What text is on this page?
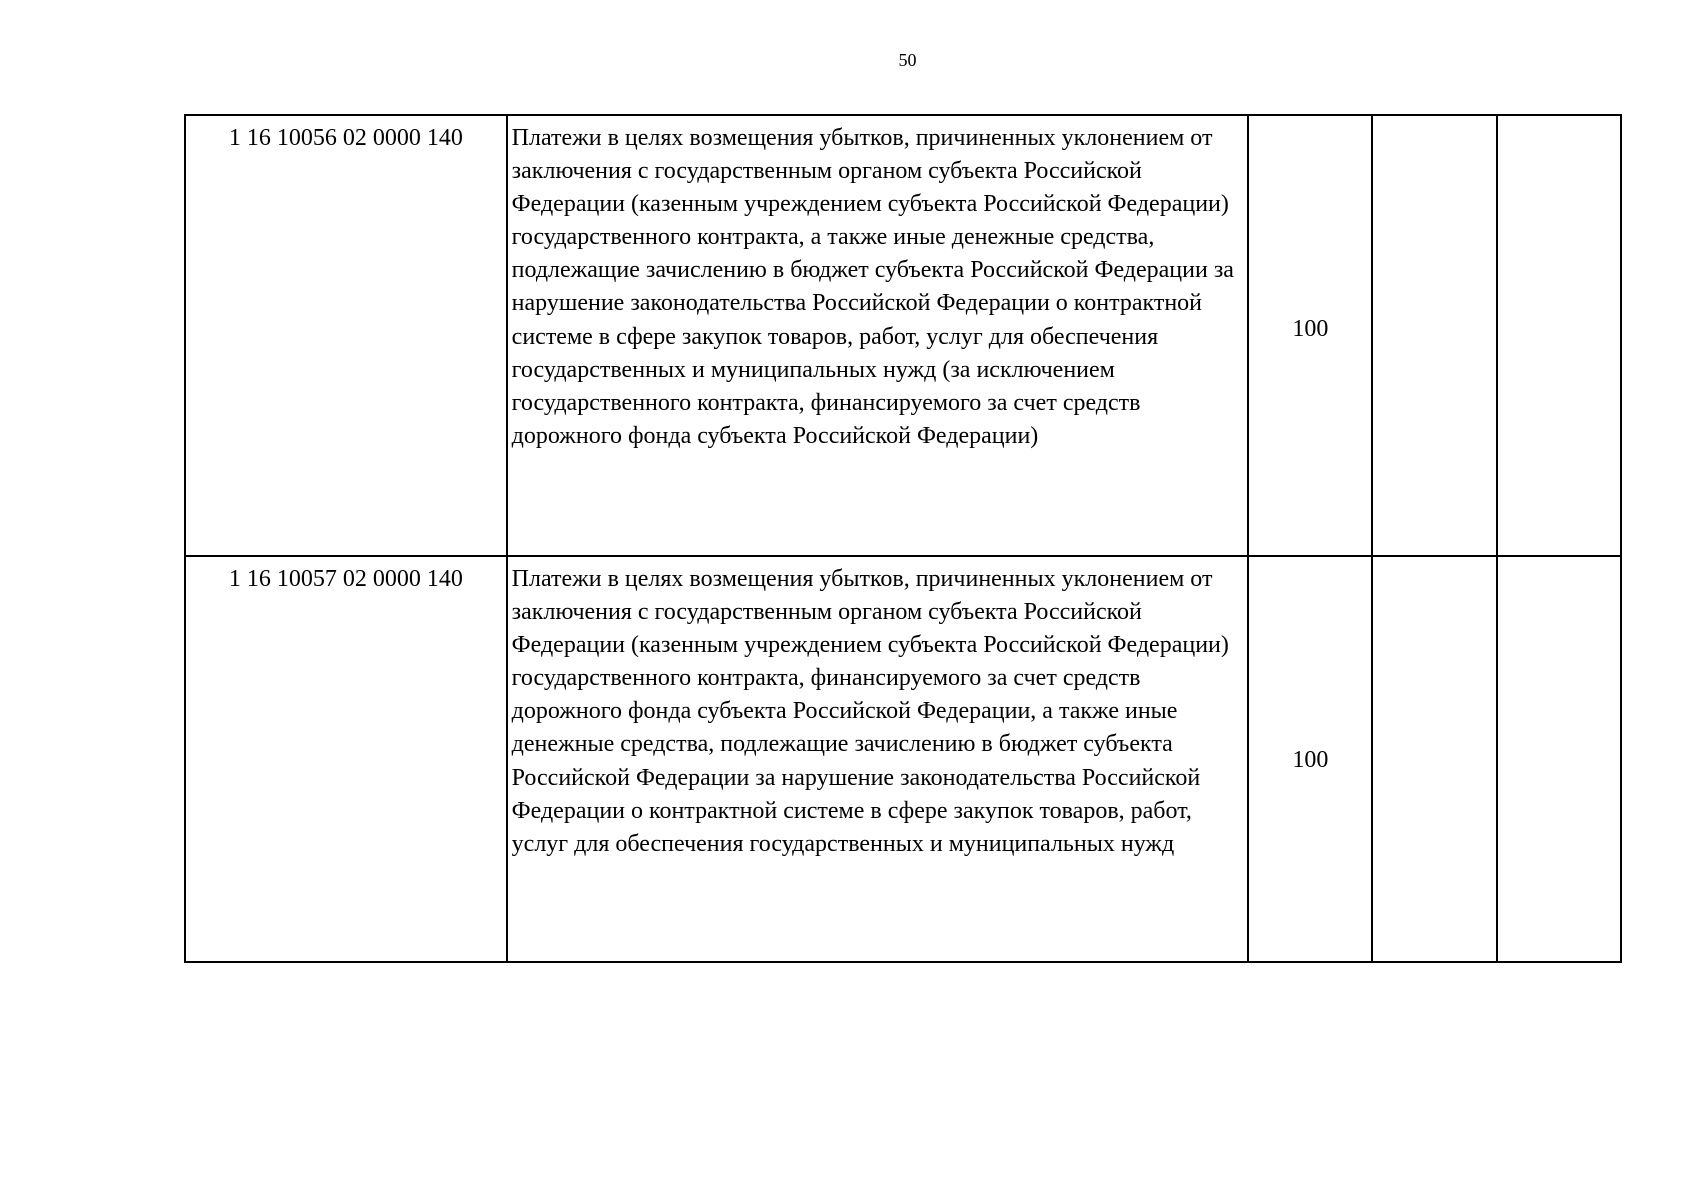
50
1 16 10056 02 0000 140	Платежи в целях возмещения убытков, причиненных уклонением от заключения с государственным органом субъекта Российской Федерации (казенным учреждением субъекта Российской Федерации) государственного контракта, а также иные денежные средства, подлежащие зачислению в бюджет субъекта Российской Федерации за нарушение законодательства Российской Федерации о контрактной системе в сфере закупок товаров, работ, услуг для обеспечения государственных и муниципальных нужд (за исключением государственного контракта, финансируемого за счет средств дорожного фонда субъекта Российской Федерации)	100		
1 16 10057 02 0000 140	Платежи в целях возмещения убытков, причиненных уклонением от заключения с государственным органом субъекта Российской Федерации (казенным учреждением субъекта Российской Федерации) государственного контракта, финансируемого за счет средств дорожного фонда субъекта Российской Федерации, а также иные денежные средства, подлежащие зачислению в бюджет субъекта Российской Федерации за нарушение законодательства Российской Федерации о контрактной системе в сфере закупок товаров, работ, услуг для обеспечения государственных и муниципальных нужд	100		
